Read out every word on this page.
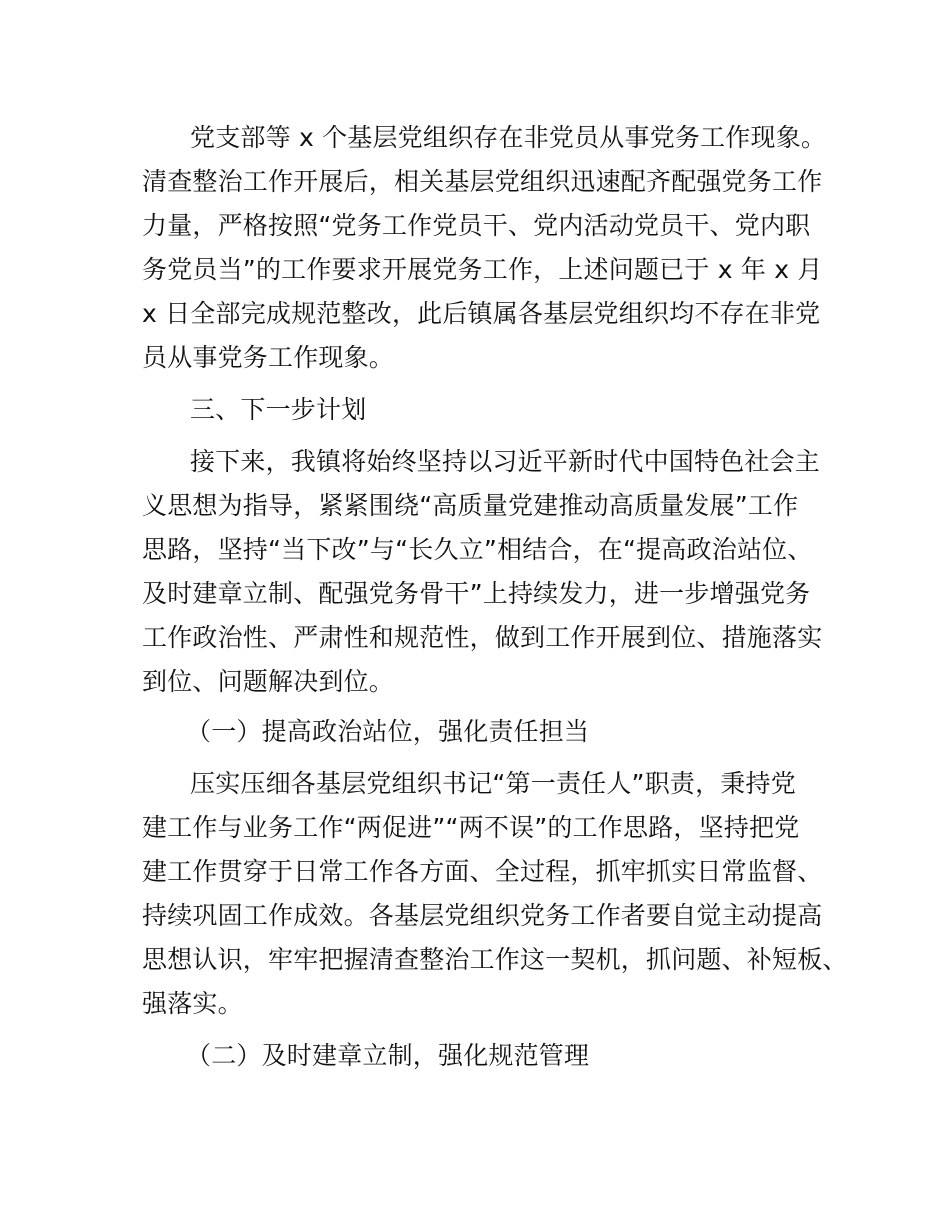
党支部等 x 个基层党组织存在非党员从事党务工作现象。
清查整治工作开展后，相关基层党组织迅速配齐配强党务工作
力量，严格按照“党务工作党员干、党内活动党员干、党内职
务党员当”的工作要求开展党务工作，上述问题已于 x 年 x 月
x 日全部完成规范整改，此后镇属各基层党组织均不存在非党
员从事党务工作现象。
三、下一步计划
接下来，我镇将始终坚持以习近平新时代中国特色社会主
义思想为指导，紧紧围绕“高质量党建推动高质量发展”工作
思路，坚持“当下改”与“长久立”相结合，在“提高政治站位、
及时建章立制、配强党务骨干”上持续发力，进一步增强党务
工作政治性、严肃性和规范性，做到工作开展到位、措施落实
到位、问题解决到位。
（一）提高政治站位，强化责任担当
压实压细各基层党组织书记“第一责任人”职责，秉持党
建工作与业务工作“两促进”“两不误”的工作思路，坚持把党
建工作贯穿于日常工作各方面、全过程，抓牢抓实日常监督、
持续巩固工作成效。各基层党组织党务工作者要自觉主动提高
思想认识，牢牢把握清查整治工作这一契机，抓问题、补短板、
强落实。
（二）及时建章立制，强化规范管理
